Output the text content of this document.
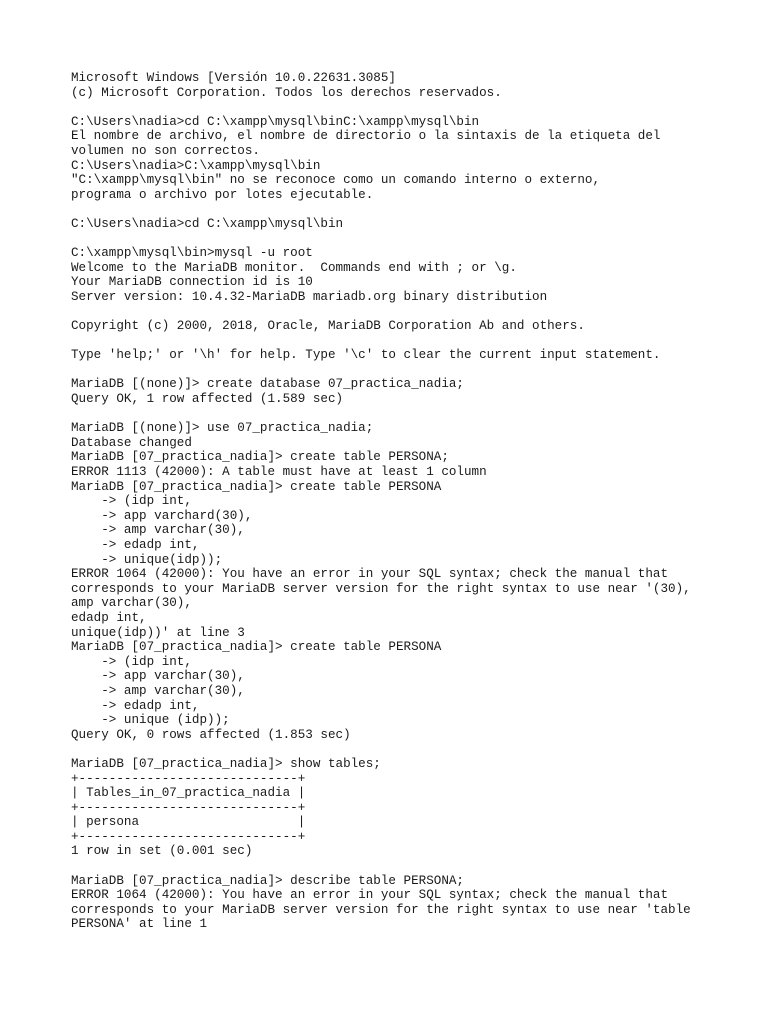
Microsoft Windows [Versión 10.0.22631.3085]
(c) Microsoft Corporation. Todos los derechos reservados.
C:\Users\nadia>cd C:\xampp\mysql\binC:\xampp\mysql\bin
El nombre de archivo, el nombre de directorio o la sintaxis de la etiqueta del
volumen no son correctos.
C:\Users\nadia>C:\xampp\mysql\bin
"C:\xampp\mysql\bin" no se reconoce como un comando interno o externo,
programa o archivo por lotes ejecutable.
C:\Users\nadia>cd C:\xampp\mysql\bin
C:\xampp\mysql\bin>mysql -u root
Welcome to the MariaDB monitor.  Commands end with ; or \g.
Your MariaDB connection id is 10
Server version: 10.4.32-MariaDB mariadb.org binary distribution
Copyright (c) 2000, 2018, Oracle, MariaDB Corporation Ab and others.
Type 'help;' or '\h' for help. Type '\c' to clear the current input statement.
MariaDB [(none)]> create database 07_practica_nadia;
Query OK, 1 row affected (1.589 sec)
MariaDB [(none)]> use 07_practica_nadia;
Database changed
MariaDB [07_practica_nadia]> create table PERSONA;
ERROR 1113 (42000): A table must have at least 1 column
MariaDB [07_practica_nadia]> create table PERSONA
-> (idp int,
-> app varchard(30),
-> amp varchar(30),
-> edadp int,
-> unique(idp));
ERROR 1064 (42000): You have an error in your SQL syntax; check the manual that
corresponds to your MariaDB server version for the right syntax to use near '(30),
amp varchar(30),
edadp int,
unique(idp))' at line 3
MariaDB [07_practica_nadia]> create table PERSONA
-> (idp int,
-> app varchar(30),
-> amp varchar(30),
-> edadp int,
-> unique (idp));
Query OK, 0 rows affected (1.853 sec)
MariaDB [07_practica_nadia]> show tables;
+-----------------------------+
| Tables_in_07_practica_nadia |
+-----------------------------+
| persona                     |
+-----------------------------+
1 row in set (0.001 sec)
MariaDB [07_practica_nadia]> describe table PERSONA;
ERROR 1064 (42000): You have an error in your SQL syntax; check the manual that
corresponds to your MariaDB server version for the right syntax to use near 'table
PERSONA' at line 1
